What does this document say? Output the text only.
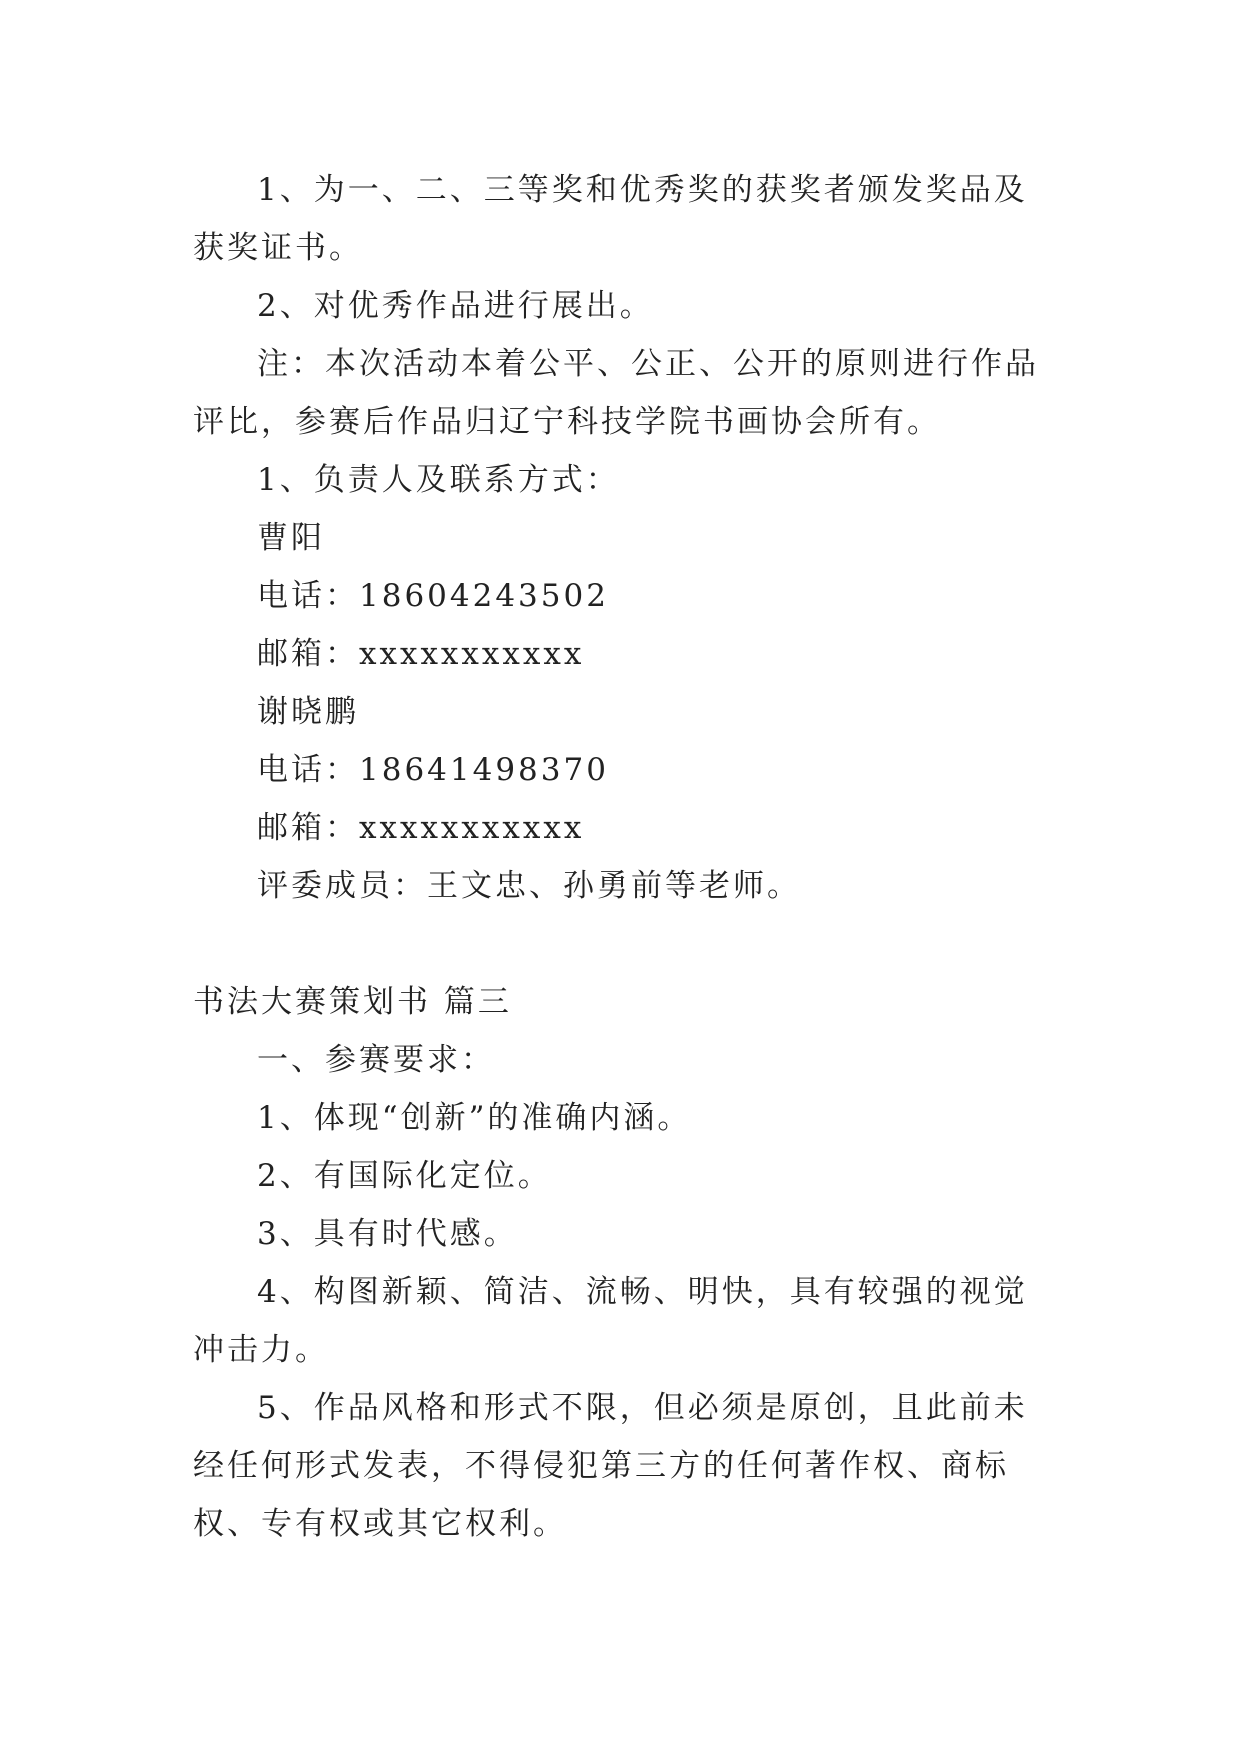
1、为一、二、三等奖和优秀奖的获奖者颁发奖品及获奖证书。

2、对优秀作品进行展出。

注：本次活动本着公平、公正、公开的原则进行作品评比，参赛后作品归辽宁科技学院书画协会所有。

1、负责人及联系方式：

曹阳

电话：18604243502

邮箱：xxxxxxxxxxx

谢晓鹏

电话：18641498370

邮箱：xxxxxxxxxxx

评委成员：王文忠、孙勇前等老师。

书法大赛策划书 篇三

一、参赛要求：

1、体现“创新”的准确内涵。

2、有国际化定位。

3、具有时代感。

4、构图新颖、简洁、流畅、明快，具有较强的视觉冲击力。

5、作品风格和形式不限，但必须是原创，且此前未经任何形式发表，不得侵犯第三方的任何著作权、商标权、专有权或其它权利。
